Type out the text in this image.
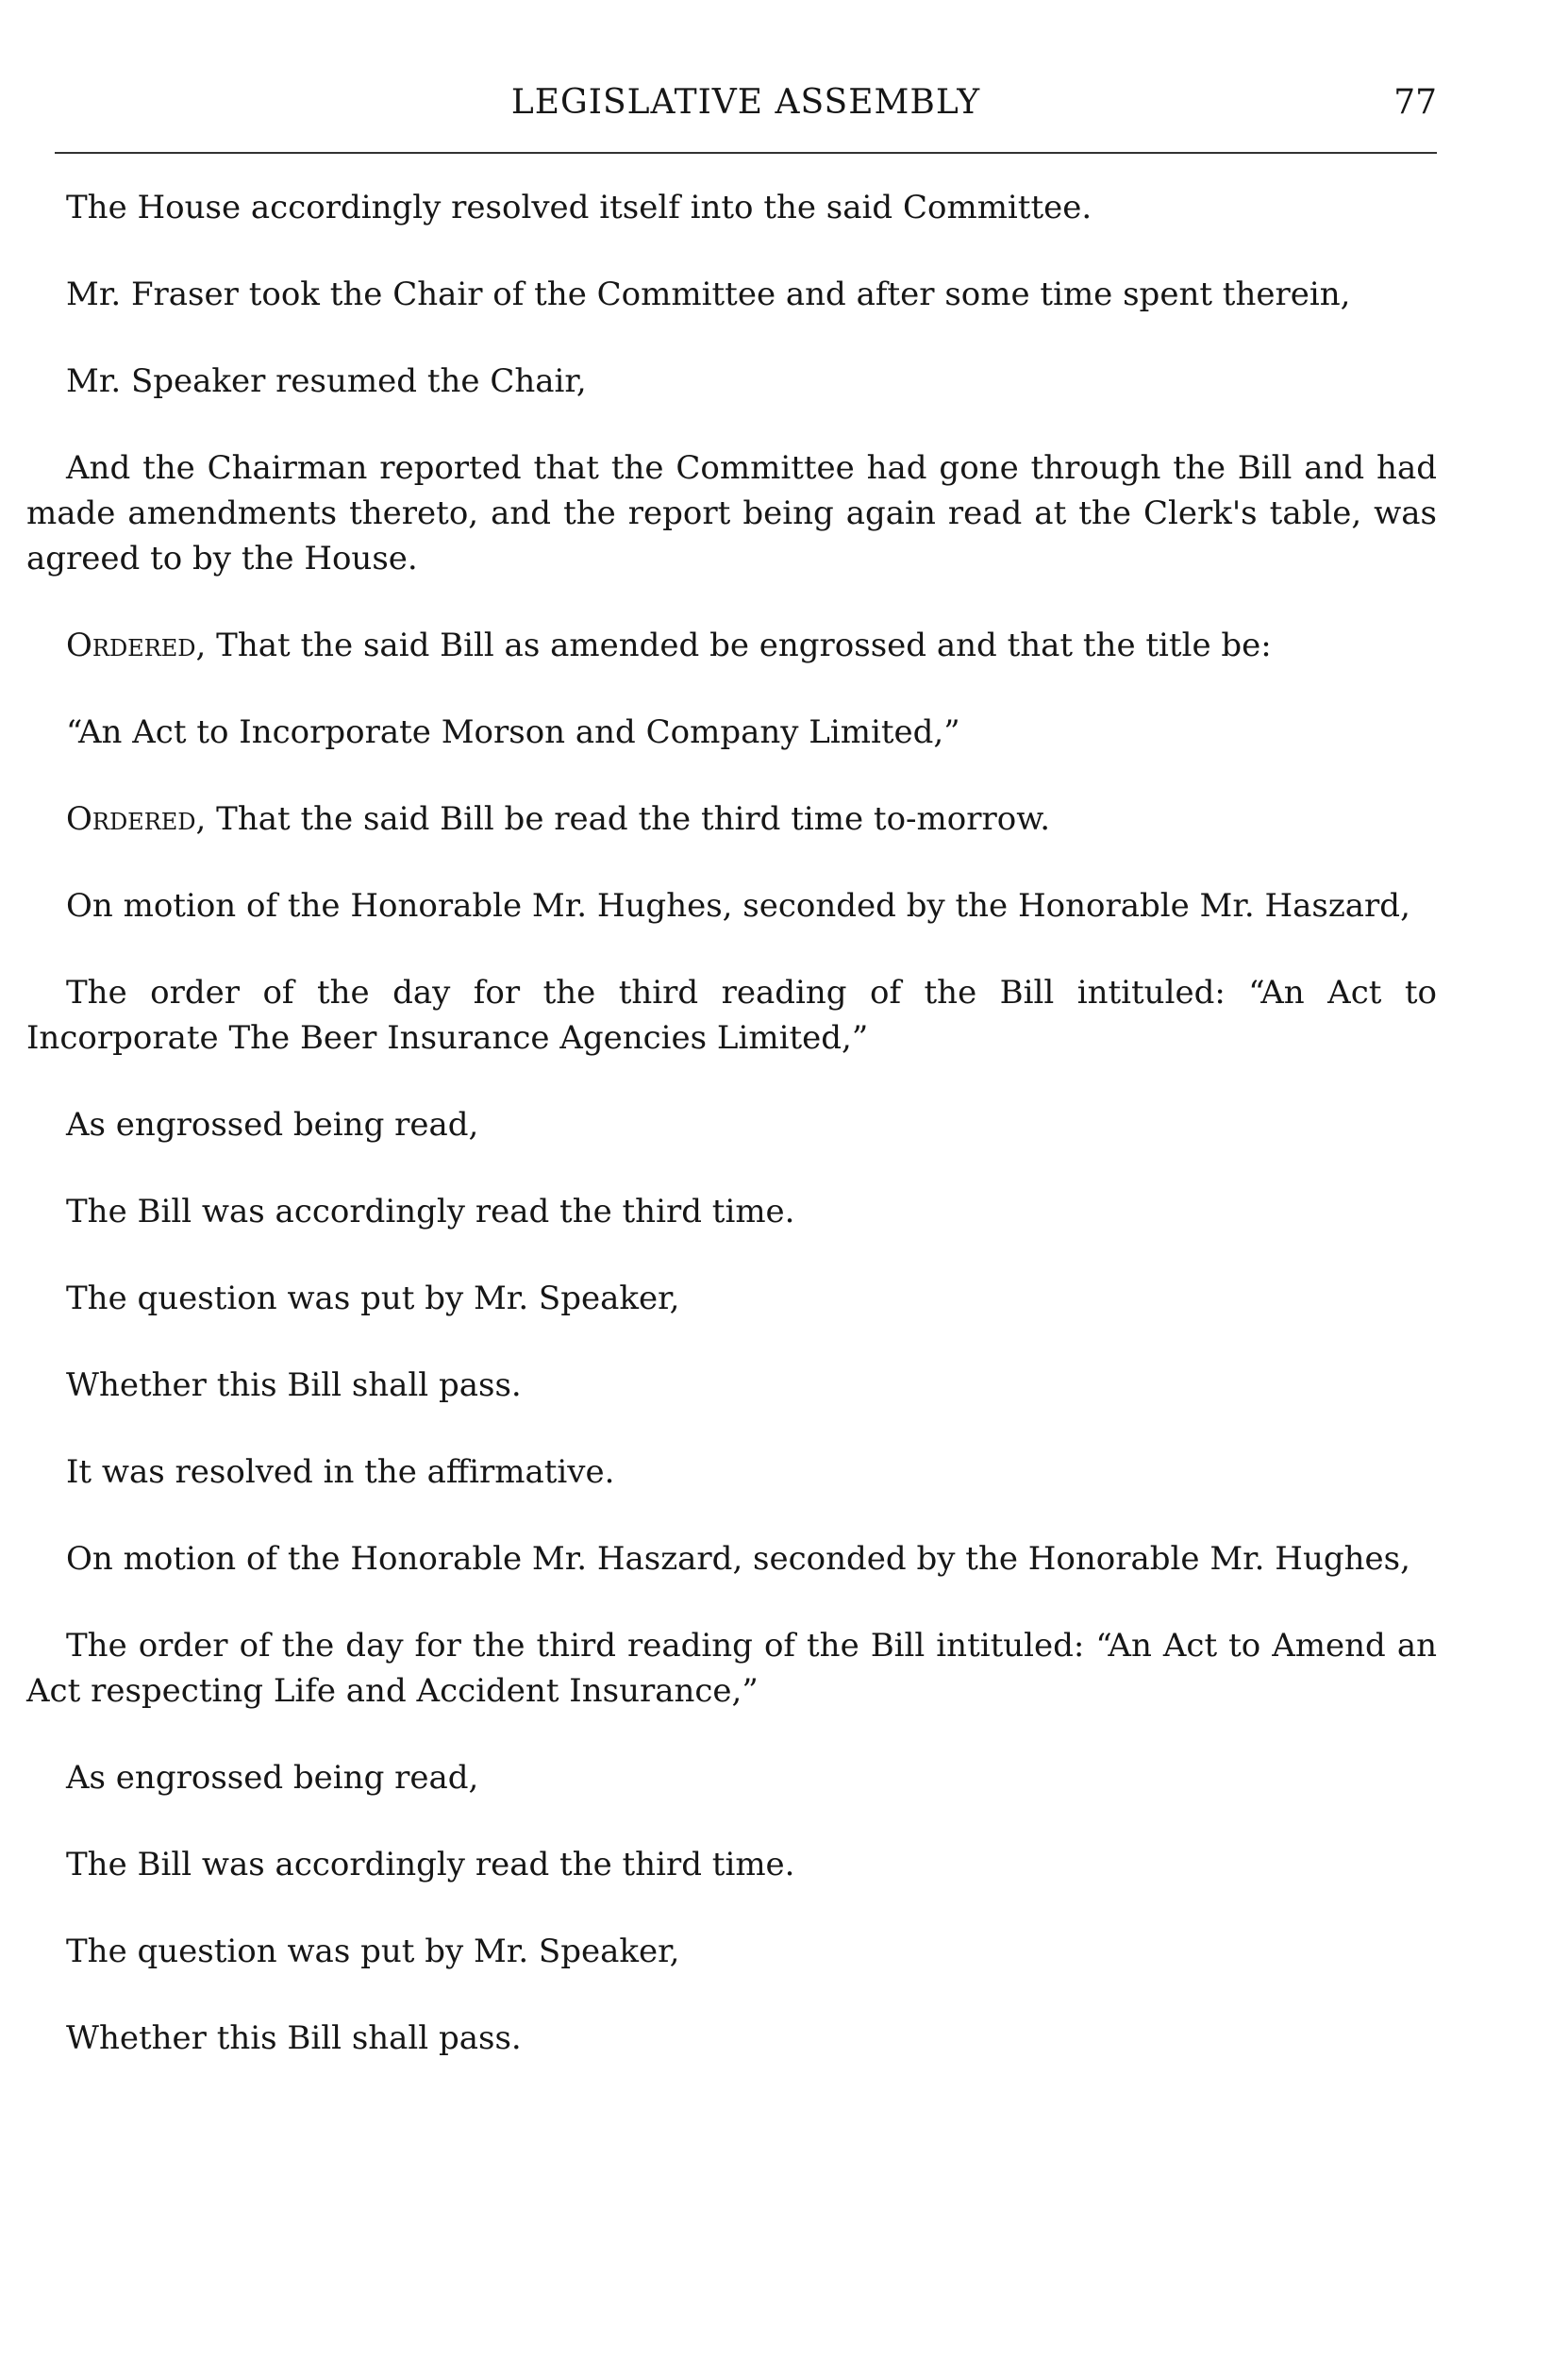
LEGISLATIVE ASSEMBLY	77

The House accordingly resolved itself into the said Committee.

Mr. Fraser took the Chair of the Committee and after some time spent therein,

Mr. Speaker resumed the Chair,

And the Chairman reported that the Committee had gone through the Bill and had made amendments thereto, and the report being again read at the Clerk's table, was agreed to by the House.

Ordered, That the said Bill as amended be engrossed and that the title be:

“An Act to Incorporate Morson and Company Limited,”

Ordered, That the said Bill be read the third time to-morrow.

On motion of the Honorable Mr. Hughes, seconded by the Honorable Mr. Haszard,

The order of the day for the third reading of the Bill intituled: “An Act to Incorporate The Beer Insurance Agencies Limited,”

As engrossed being read,

The Bill was accordingly read the third time.

The question was put by Mr. Speaker,

Whether this Bill shall pass.

It was resolved in the affirmative.

On motion of the Honorable Mr. Haszard, seconded by the Honorable Mr. Hughes,

The order of the day for the third reading of the Bill intituled: “An Act to Amend an Act respecting Life and Accident Insurance,”

As engrossed being read,

The Bill was accordingly read the third time.

The question was put by Mr. Speaker,

Whether this Bill shall pass.
